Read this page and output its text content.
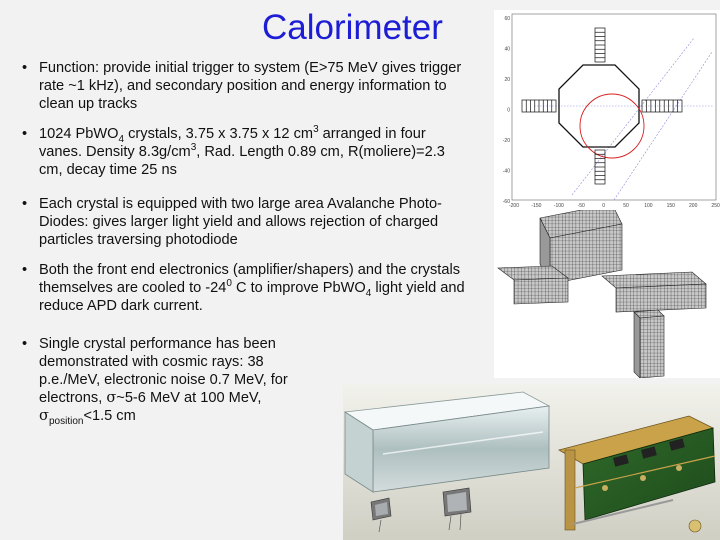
Calorimeter
• Function: provide initial trigger to system (E>75 MeV gives trigger rate ~1 kHz), and secondary position and energy information to clean up tracks
• 1024 PbWO$_4$ crystals, 3.75 x 3.75 x 12 $cm^3$ arranged in four vanes. Density $8.3g/cm^3$, Rad. Length 0.89 cm, R(moliere)=2.3 cm, decay time 25 ns
• Each crystal is equipped with two large area Avalanche Photo-Diodes: gives larger light yield and allows rejection of charged particles traversing photodiode
• Both the front end electronics (amplifier/shapers) and the crystals themselves are cooled to $-24^0$ C to improve PbWO$_4$ light yield and reduce APD dark current.
• Single crystal performance has been demonstrated with cosmic rays: 38 p.e./MeV, electronic noise 0.7 MeV, for electrons, σ~5-6 MeV at 100 MeV, $\sigma_{position}<1.5$ cm
60
40
20
0
-20
-40
-60
-200 -150 -100	-50	0	50	100	150	200	250
